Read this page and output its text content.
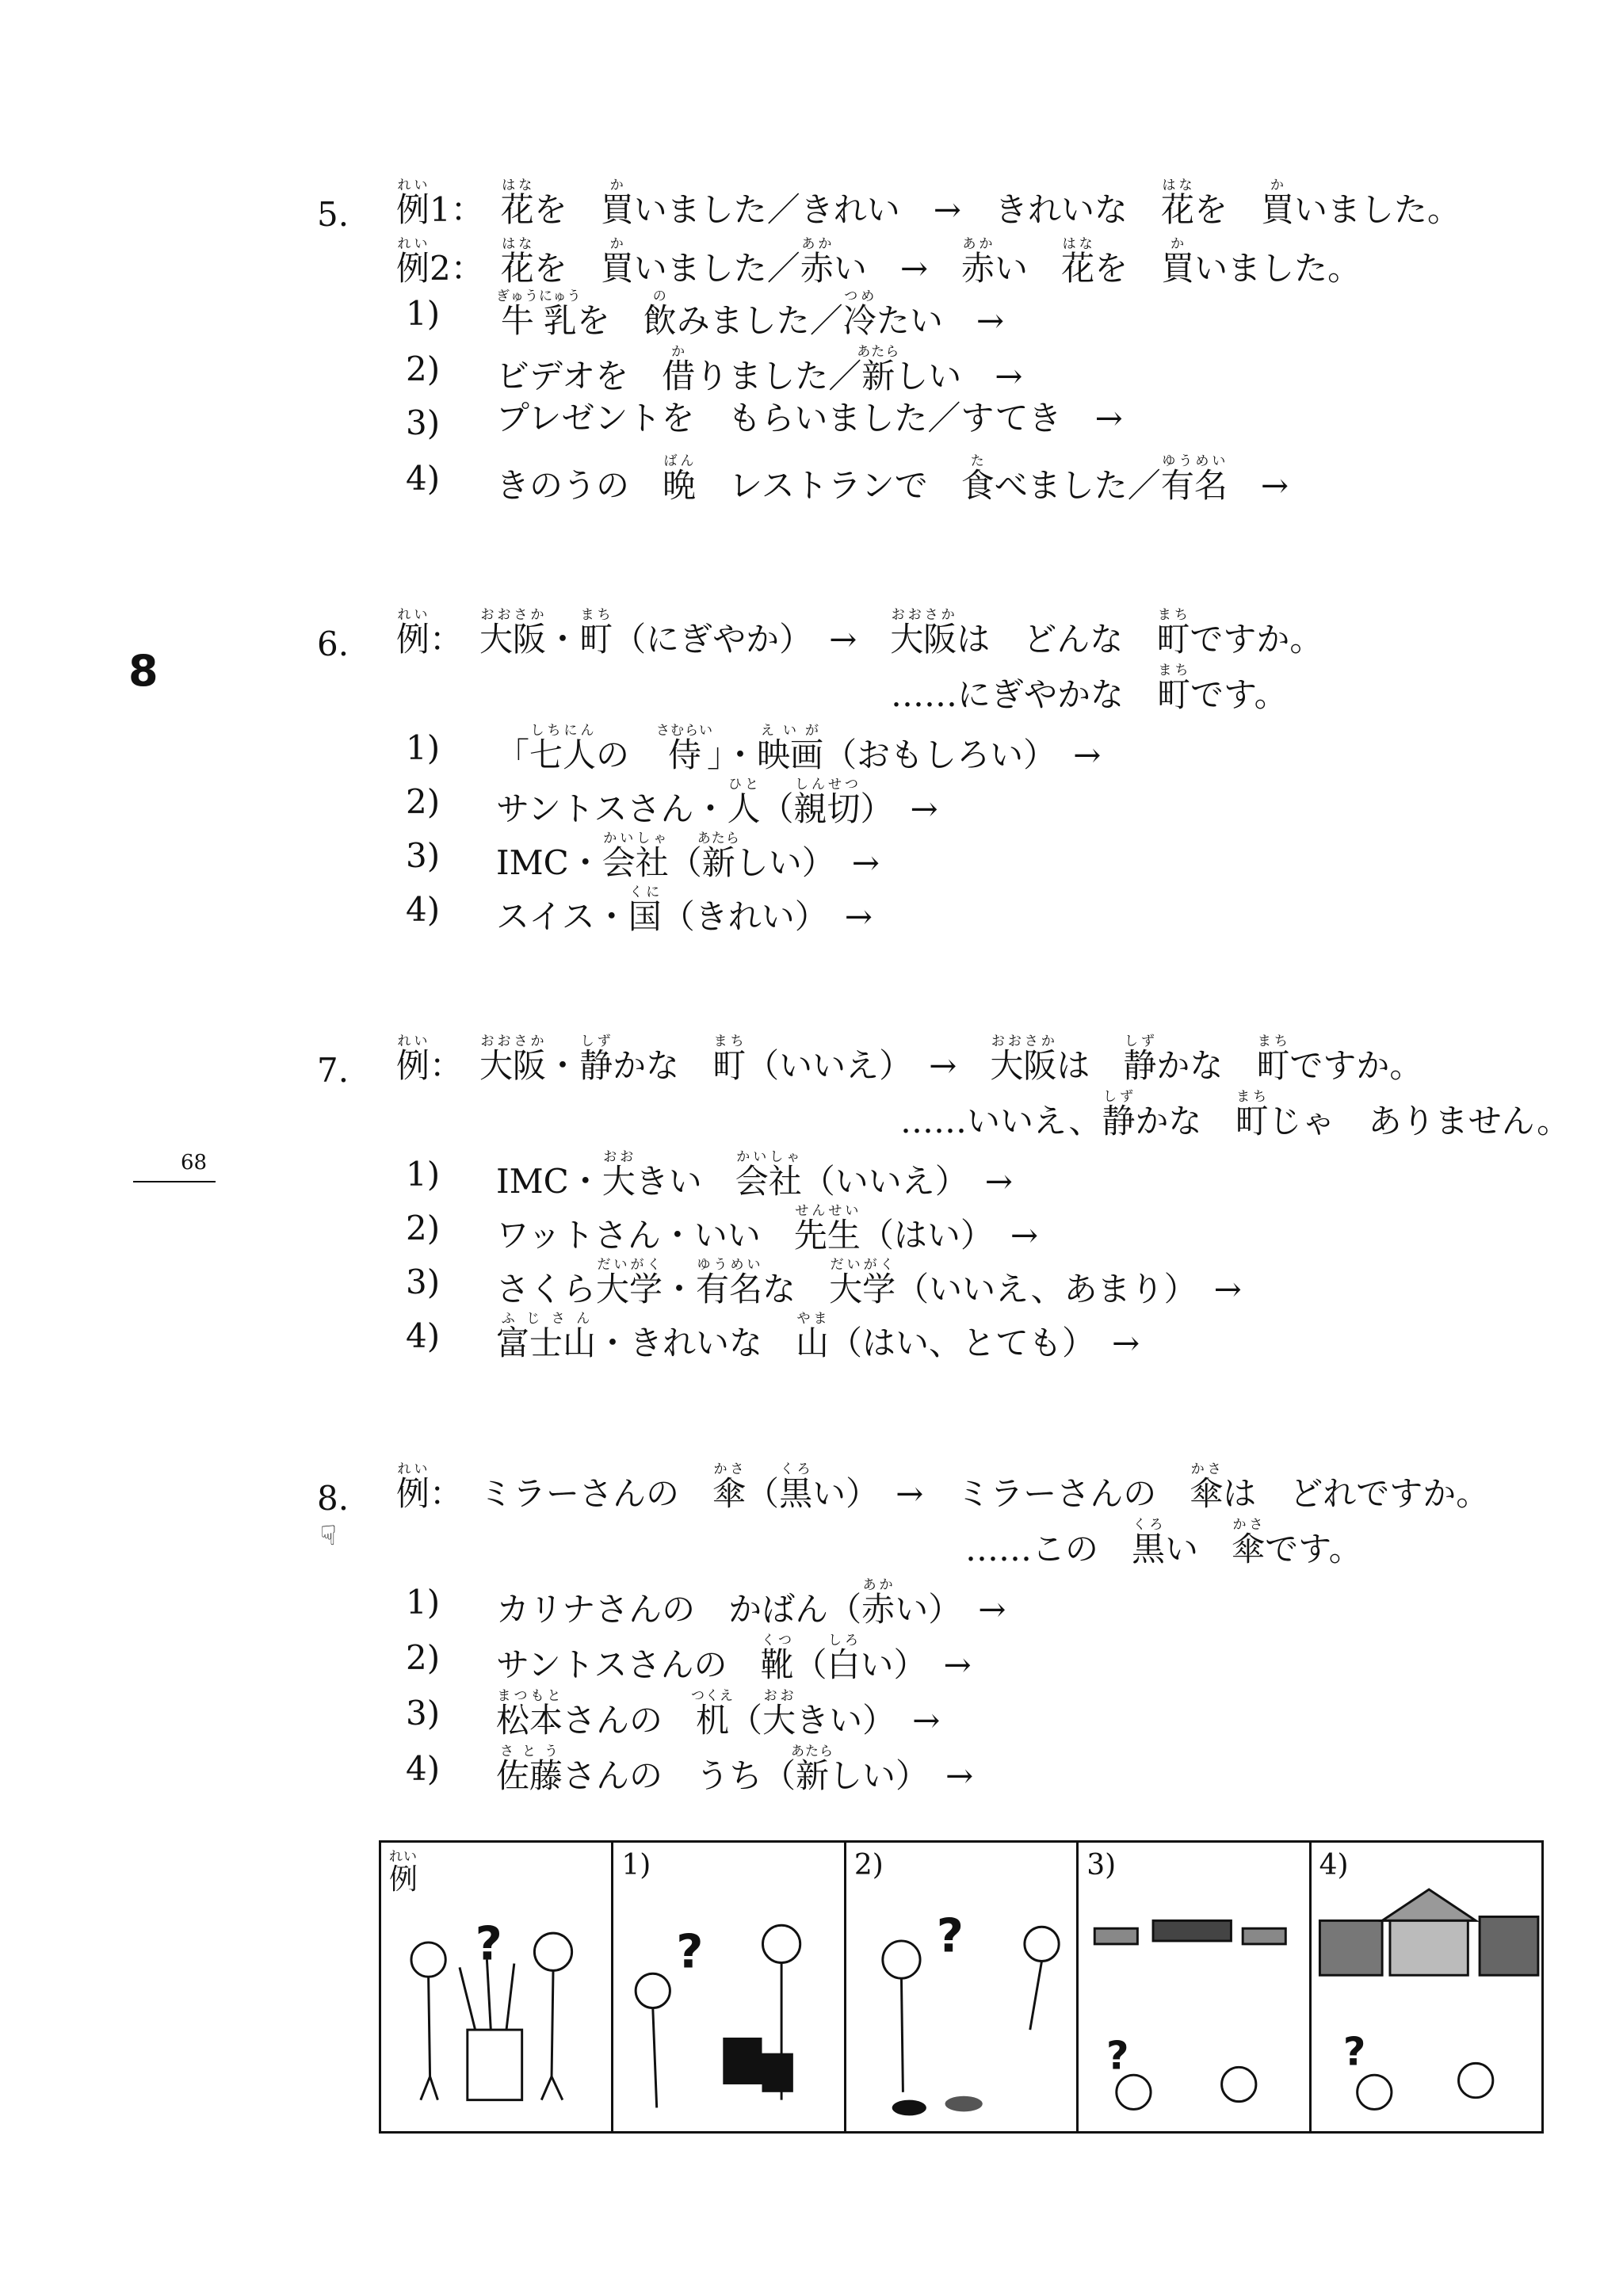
8
68
☟
5. 例れい1：　花はなを　買かいました／きれい　→　きれいな　花はなを　買かいました。
例れい2：　花はなを　買かいました／赤あかい　→　赤あかい　花はなを　買かいました。
1) 牛乳ぎゅうにゅうを　飲のみました／冷つめたい　→
2) ビデオを　借かりました／新あたらしい　→
3) プレゼントを　もらいました／すてき　→
4) きのうの　晩ばん　レストランで　食たべました／有名ゆうめい　→
6. 例れい：　大阪おおさか・町まち（にぎやか）　→　大阪おおさかは　どんな　町まちですか。
……にぎやかな　町まちです。
1) 「七人しちにんの　侍さむらい」・映画えいが（おもしろい）　→
2) サントスさん・人ひと（親切しんせつ）　→
3) IMC・会社かいしゃ（新あたらしい）　→
4) スイス・国くに（きれい）　→
7. 例れい：　大阪おおさか・静しずかな　町まち（いいえ）　→　大阪おおさかは　静しずかな　町まちですか。
……いいえ、静しずかな　町まちじゃ　ありません。
1) IMC・大おおきい　会社かいしゃ（いいえ）　→
2) ワットさん・いい　先生せんせい（はい）　→
3) さくら大学だいがく・有名ゆうめいな　大学だいがく（いいえ、あまり）　→
4) 富士山ふじさん・きれいな　山やま（はい、とても）　→
8. 例れい：　ミラーさんの　傘かさ（黒くろい）　→　ミラーさんの　傘かさは　どれですか。
……この　黒くろい　傘かさです。
1) カリナさんの　かばん（赤あかい）　→
2) サントスさんの　靴くつ（白しろい）　→
3) 松本まつもとさんの　机つくえ（大おおきい）　→
4) 佐藤さとうさんの　うち（新あたらしい）　→
例れい
?
1)
?
2)
?
3)
?
4)
?
